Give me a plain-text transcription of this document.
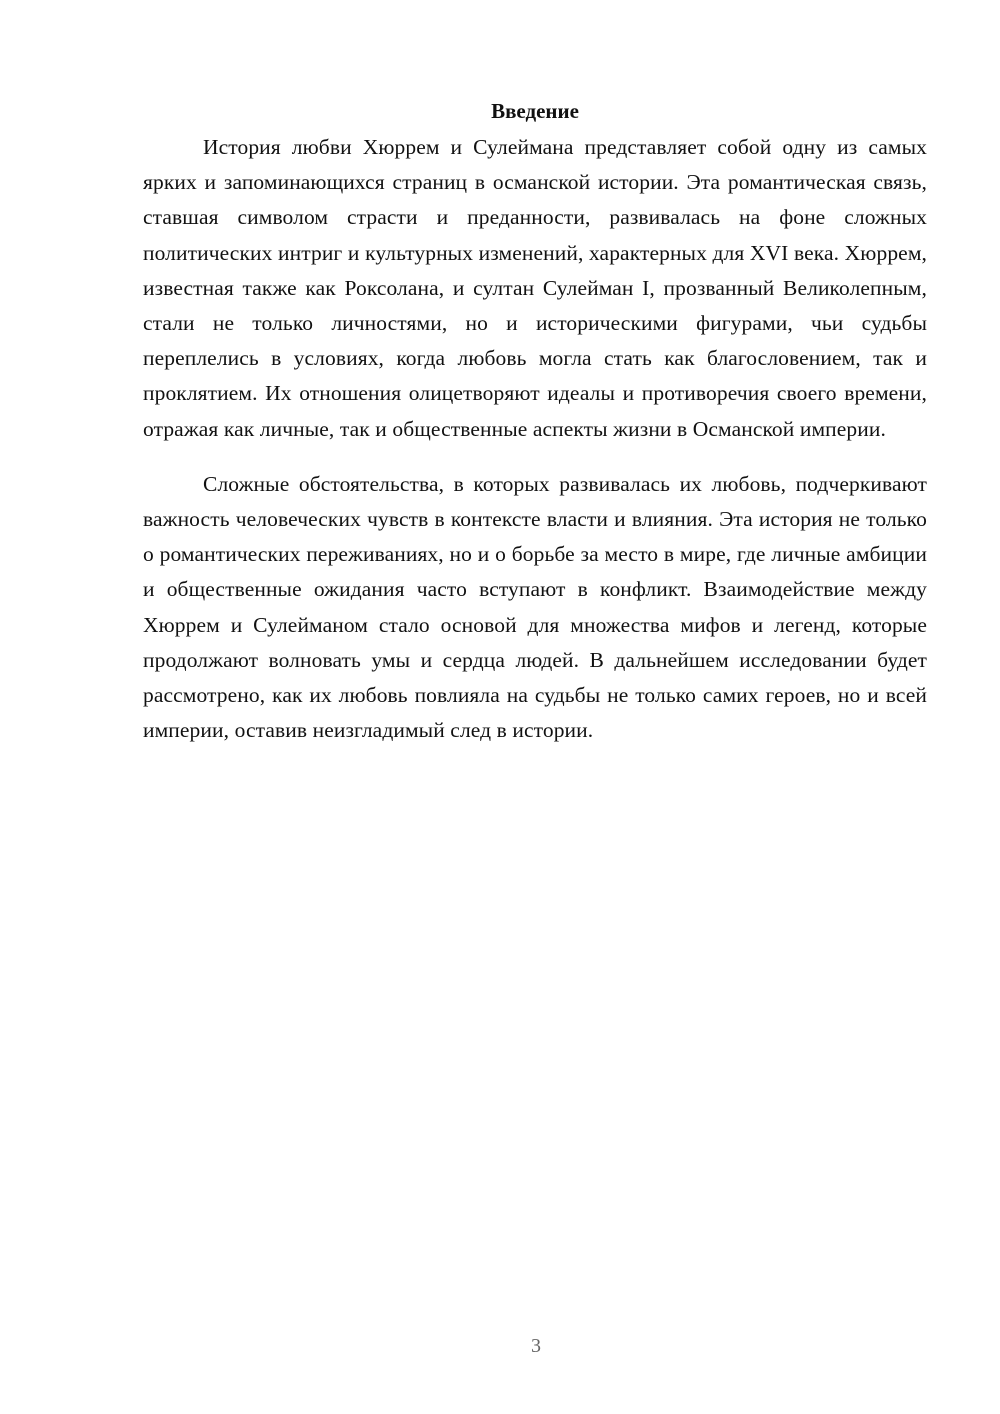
Введение

История любви Хюррем и Сулеймана представляет собой одну из самых ярких и запоминающихся страниц в османской истории. Эта романтическая связь, ставшая символом страсти и преданности, развивалась на фоне сложных политических интриг и культурных изменений, характерных для XVI века. Хюррем, известная также как Роксолана, и султан Сулейман I, прозванный Великолепным, стали не только личностями, но и историческими фигурами, чьи судьбы переплелись в условиях, когда любовь могла стать как благословением, так и проклятием. Их отношения олицетворяют идеалы и противоречия своего времени, отражая как личные, так и общественные аспекты жизни в Османской империи.

Сложные обстоятельства, в которых развивалась их любовь, подчеркивают важность человеческих чувств в контексте власти и влияния. Эта история не только о романтических переживаниях, но и о борьбе за место в мире, где личные амбиции и общественные ожидания часто вступают в конфликт. Взаимодействие между Хюррем и Сулейманом стало основой для множества мифов и легенд, которые продолжают волновать умы и сердца людей. В дальнейшем исследовании будет рассмотрено, как их любовь повлияла на судьбы не только самих героев, но и всей империи, оставив неизгладимый след в истории.

3
